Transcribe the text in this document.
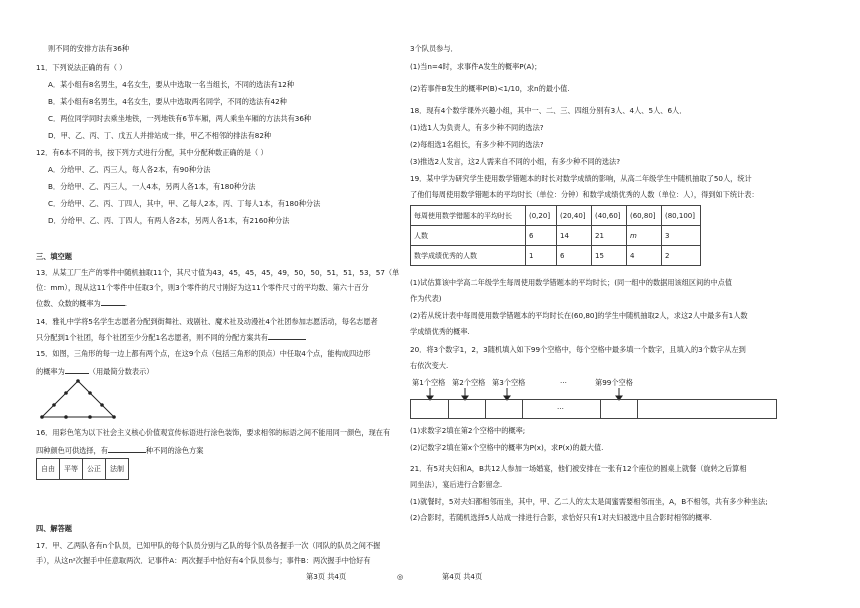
则不同的安排方法有36种
11．下列说法正确的有（ ）
A．某小组有8名男生，4名女生，要从中选取一名当组长，不同的选法有12种
B．某小组有8名男生，4名女生，要从中选取两名同学，不同的选法有42种
C．两位同学同时去乘坐地铁，一列地铁有6节车厢，两人乘坐车厢的方法共有36种
D．甲、乙、丙、丁、戊五人并排站成一排，甲乙不相邻的排法有82种
12．有6本不同的书，按下列方式进行分配，其中分配种数正确的是（ ）
A．分给甲、乙、丙三人，每人各2本，有90种分法
B．分给甲、乙、丙三人，一人4本，另两人各1本，有180种分法
C．分给甲、乙、丙、丁四人，其中，甲、乙每人2本，丙、丁每人1本，有180种分法
D．分给甲、乙、丙、丁四人，有两人各2本，另两人各1本，有2160种分法
三、填空题
13．从某工厂生产的零件中随机抽取11个，其尺寸值为43，45，45，45，49，50，50，51，51，53，57（单
位：mm），现从这11个零件中任取3个，则3个零件的尺寸刚好为这11个零件尺寸的平均数、第六十百分
位数、众数的概率为	.
14．雅礼中学将5名学生志愿者分配到街舞社、戏剧社、魔术社及动漫社4个社团参加志愿活动，每名志愿者
只分配到1个社团，每个社团至少分配1名志愿者，则不同的分配方案共有
15．如图，三角形的每一边上都有两个点，在这9个点（包括三角形的顶点）中任取4个点，能构成四边形
的概率为	（用最简分数表示）
16．用彩色笔为以下社会主义核心价值观宣传标语进行涂色装饰，要求相邻的标语之间不能用同一颜色，现在有
四种颜色可供选择，有	种不同的涂色方案
自由	平等	公正	法制
四、解答题
17．甲、乙两队各有n个队员，已知甲队的每个队员分别与乙队的每个队员各握手一次（同队的队员之间不握
手），从这n²次握手中任意取两次．记事件A：两次握手中恰好有4个队员参与；事件B：两次握手中恰好有
3个队员参与．
(1)当n=4时，求事件A发生的概率P(A)；
(2)若事件B发生的概率P(B)<1/10，求n的最小值.
18．现有4个数学课外兴趣小组，其中一、二、三、四组分别有3人、4人、5人、6人．
(1)选1人为负责人，有多少种不同的选法?
(2)每组选1名组长，有多少种不同的选法?
(3)推选2人发言，这2人需来自不同的小组，有多少种不同的选法?
19．某中学为研究学生使用数学错题本的时长对数学成绩的影响，从高二年级学生中随机抽取了50人，统计
了他们每周使用数学错题本的平均时长（单位：分钟）和数学成绩优秀的人数（单位：人），得到如下统计表：
每周使用数学错题本的平均时长	(0,20]	(20,40]	(40,60]	(60,80]	(80,100]
人数	6	14	21	m	3
数学成绩优秀的人数	1	6	15	4	2
(1)试估算该中学高二年级学生每周使用数学错题本的平均时长；(同一组中的数据用该组区间的中点值
作为代表)
(2)若从统计表中每周使用数学错题本的平均时长在(60,80]的学生中随机抽取2人，求这2人中最多有1人数
学成绩优秀的概率.
20．将3个数字1，2，3随机填入如下99个空格中，每个空格中最多填一个数字，且填入的3个数字从左到
右依次变大.
第1个空格 第2个空格 第3个空格	···	第99个空格
···
(1)求数字2填在第2个空格中的概率;
(2)记数字2填在第x个空格中的概率为P(x)，求P(x)的最大值.
21．有5对夫妇和A，B共12人参加一场婚宴，他们被安排在一张有12个座位的圆桌上就餐（旋转之后算相
同坐法），宴后进行合影留念.
(1)就餐时，5对夫妇都相邻而坐，其中，甲、乙二人的太太是闺蜜需要相邻而坐，A，B不相邻，共有多少种坐法;
(2)合影时，若随机选择5人站成一排进行合影，求恰好只有1对夫妇被选中且合影时相邻的概率.
第3页 共4页	◎	第4页 共4页
